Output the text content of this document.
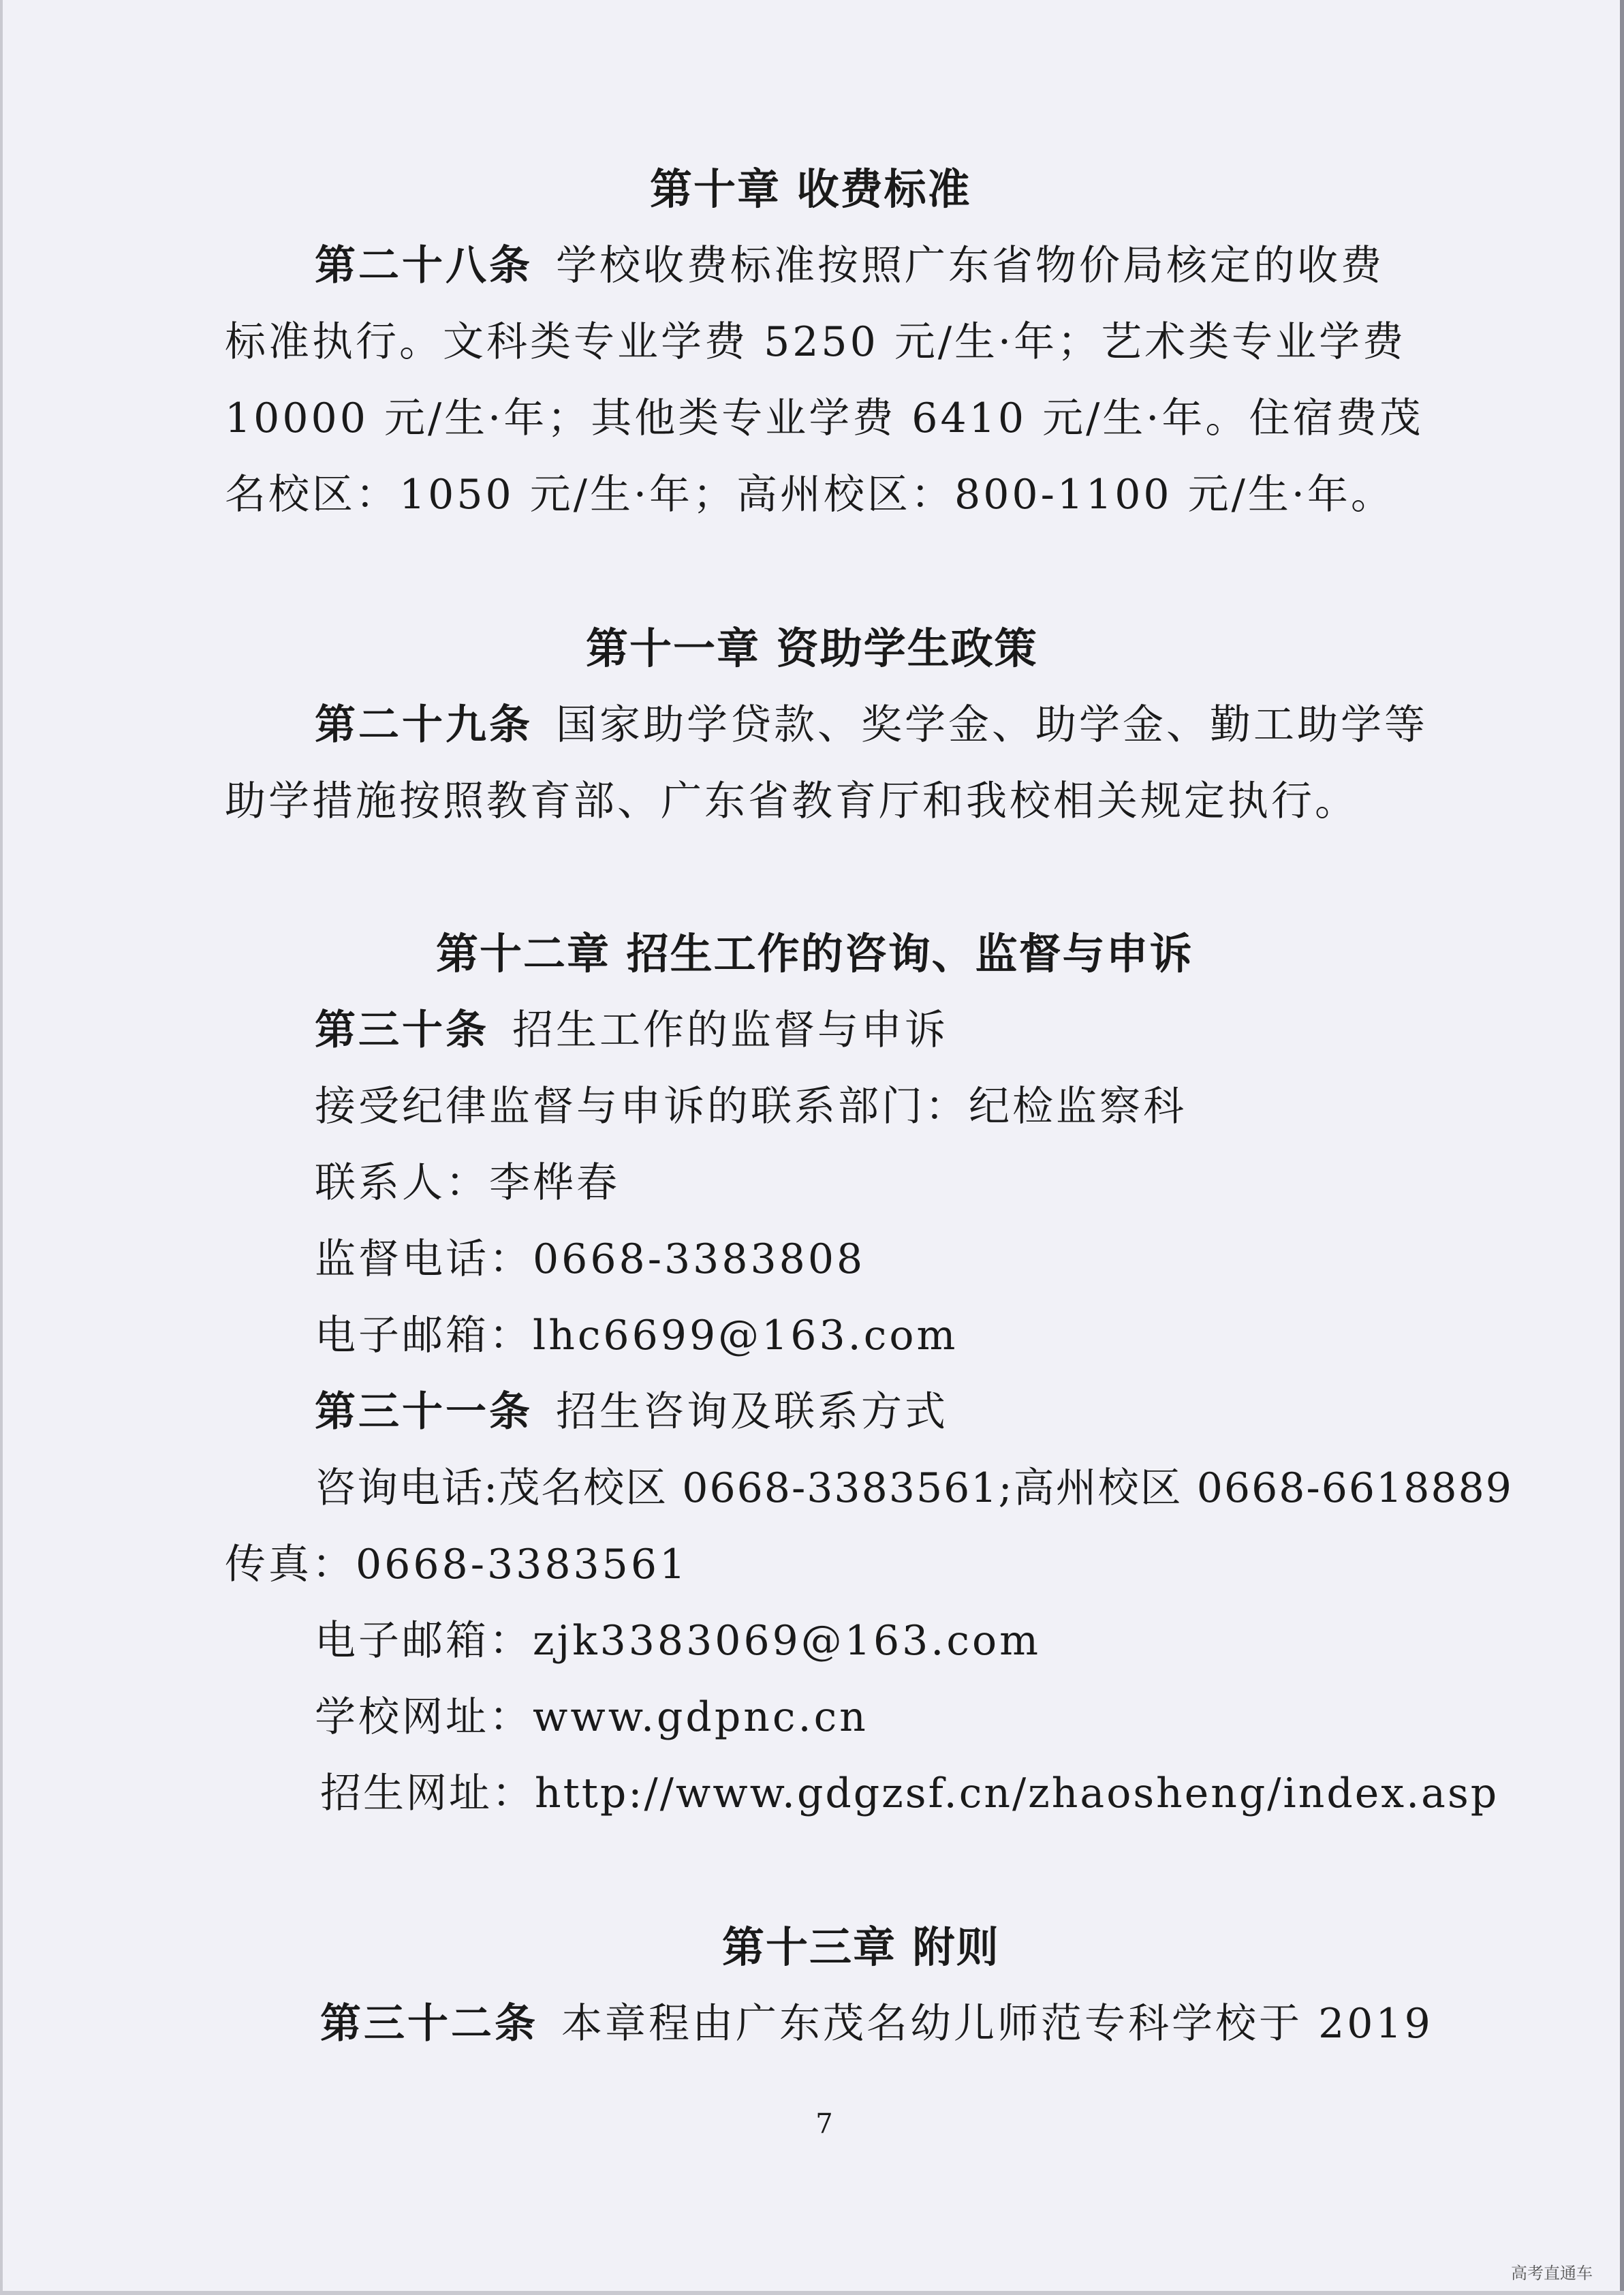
第十章 收费标准
第二十八条 学校收费标准按照广东省物价局核定的收费
标准执行。文科类专业学费 5250 元/生·年；艺术类专业学费
10000 元/生·年；其他类专业学费 6410 元/生·年。住宿费茂
名校区：1050 元/生·年；高州校区：800-1100 元/生·年。
第十一章 资助学生政策
第二十九条 国家助学贷款、奖学金、助学金、勤工助学等
助学措施按照教育部、广东省教育厅和我校相关规定执行。
第十二章 招生工作的咨询、监督与申诉
第三十条 招生工作的监督与申诉
接受纪律监督与申诉的联系部门：纪检监察科
联系人：李桦春
监督电话：0668-3383808
电子邮箱：lhc6699@163.com
第三十一条 招生咨询及联系方式
咨询电话:茂名校区 0668-3383561;高州校区 0668-6618889
传真：0668-3383561
电子邮箱：zjk3383069@163.com
学校网址：www.gdpnc.cn
招生网址：http://www.gdgzsf.cn/zhaosheng/index.asp
第十三章 附则
第三十二条 本章程由广东茂名幼儿师范专科学校于 2019
7
高考直通车
